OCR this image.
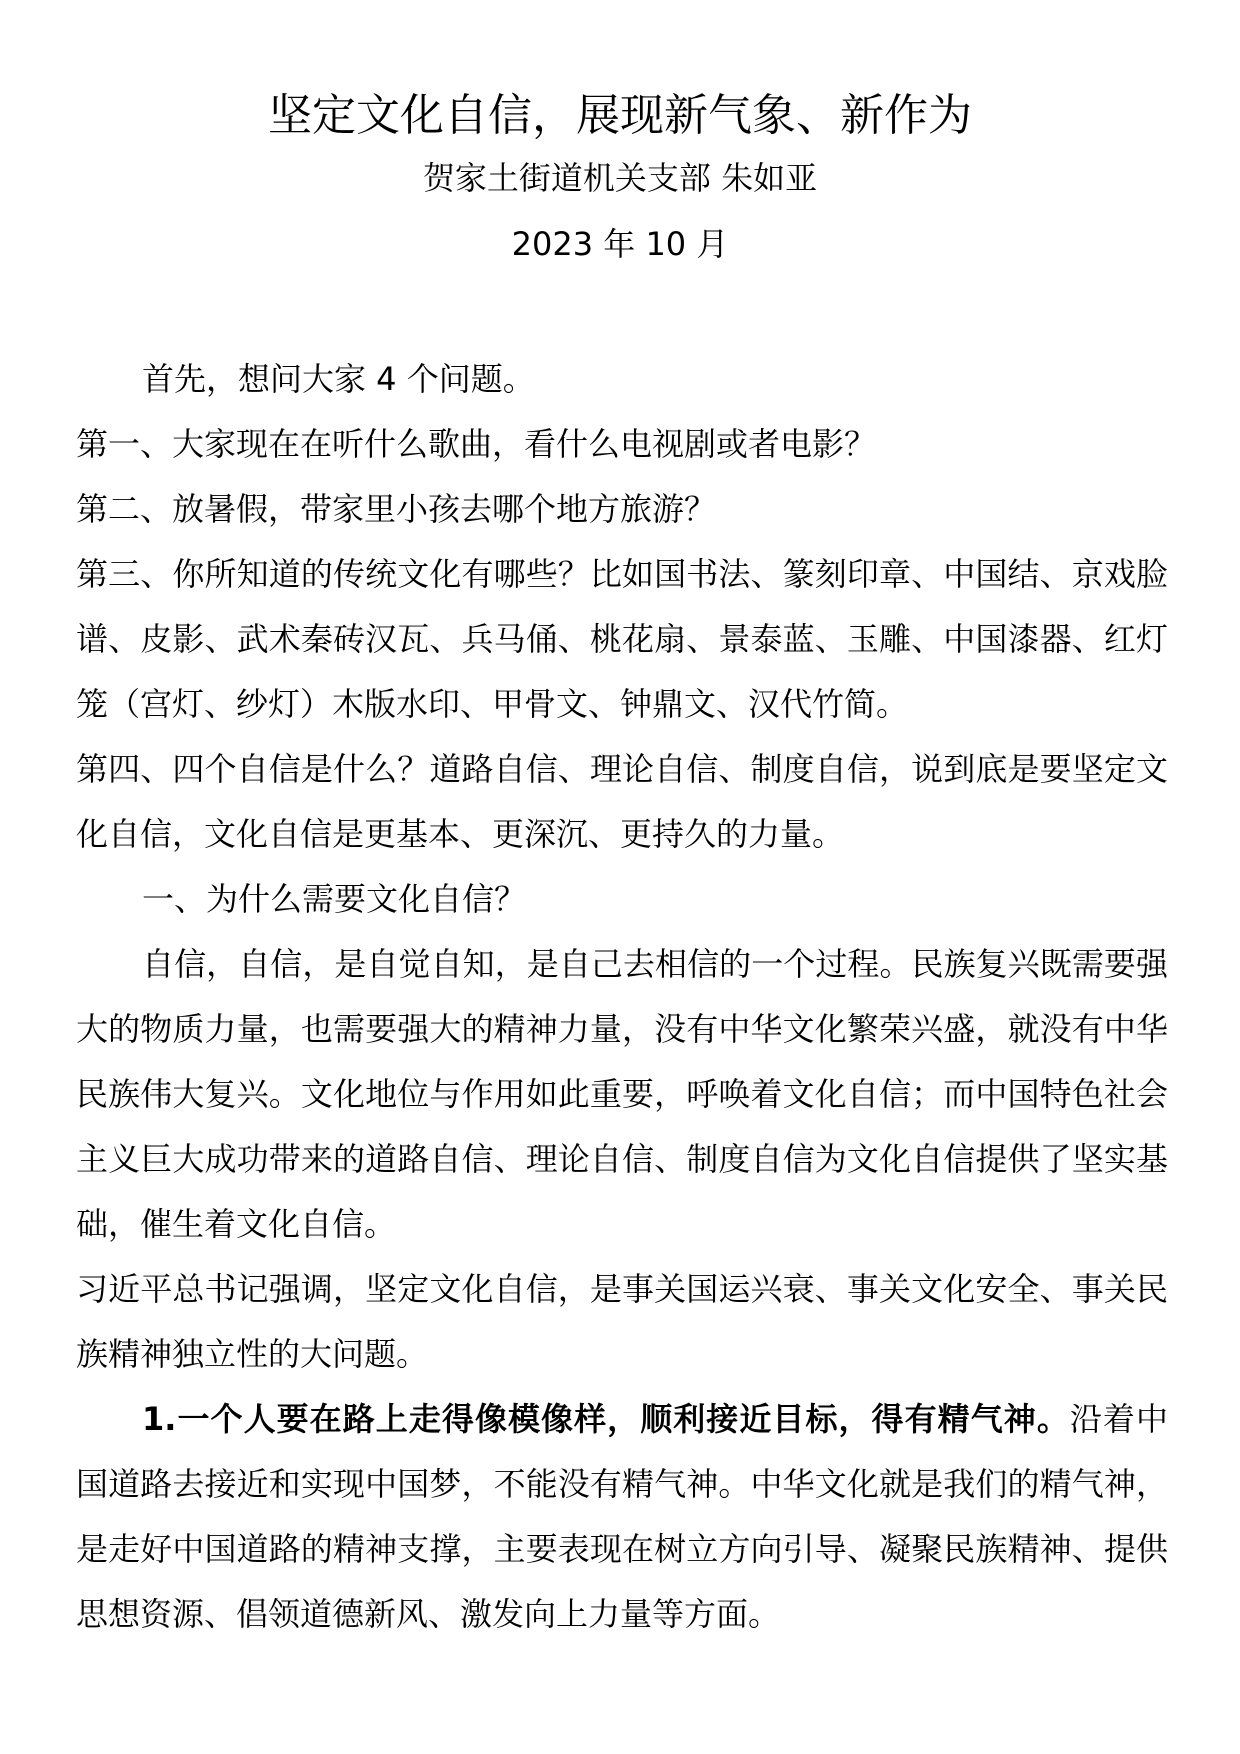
坚定文化自信，展现新气象、新作为
贺家土街道机关支部 朱如亚
2023 年 10 月

首先，想问大家 4 个问题。

第一、大家现在在听什么歌曲，看什么电视剧或者电影？

第二、放暑假，带家里小孩去哪个地方旅游？

第三、你所知道的传统文化有哪些？比如国书法、篆刻印章、中国结、京戏脸谱、皮影、武术秦砖汉瓦、兵马俑、桃花扇、景泰蓝、玉雕、中国漆器、红灯笼（宫灯、纱灯）木版水印、甲骨文、钟鼎文、汉代竹简。

第四、四个自信是什么？道路自信、理论自信、制度自信，说到底是要坚定文化自信，文化自信是更基本、更深沉、更持久的力量。

一、为什么需要文化自信？

自信，自信，是自觉自知，是自己去相信的一个过程。民族复兴既需要强大的物质力量，也需要强大的精神力量，没有中华文化繁荣兴盛，就没有中华民族伟大复兴。文化地位与作用如此重要，呼唤着文化自信；而中国特色社会主义巨大成功带来的道路自信、理论自信、制度自信为文化自信提供了坚实基础，催生着文化自信。

习近平总书记强调，坚定文化自信，是事关国运兴衰、事关文化安全、事关民族精神独立性的大问题。

1.一个人要在路上走得像模像样，顺利接近目标，得有精气神。沿着中国道路去接近和实现中国梦，不能没有精气神。中华文化就是我们的精气神，是走好中国道路的精神支撑，主要表现在树立方向引导、凝聚民族精神、提供思想资源、倡领道德新风、激发向上力量等方面。
